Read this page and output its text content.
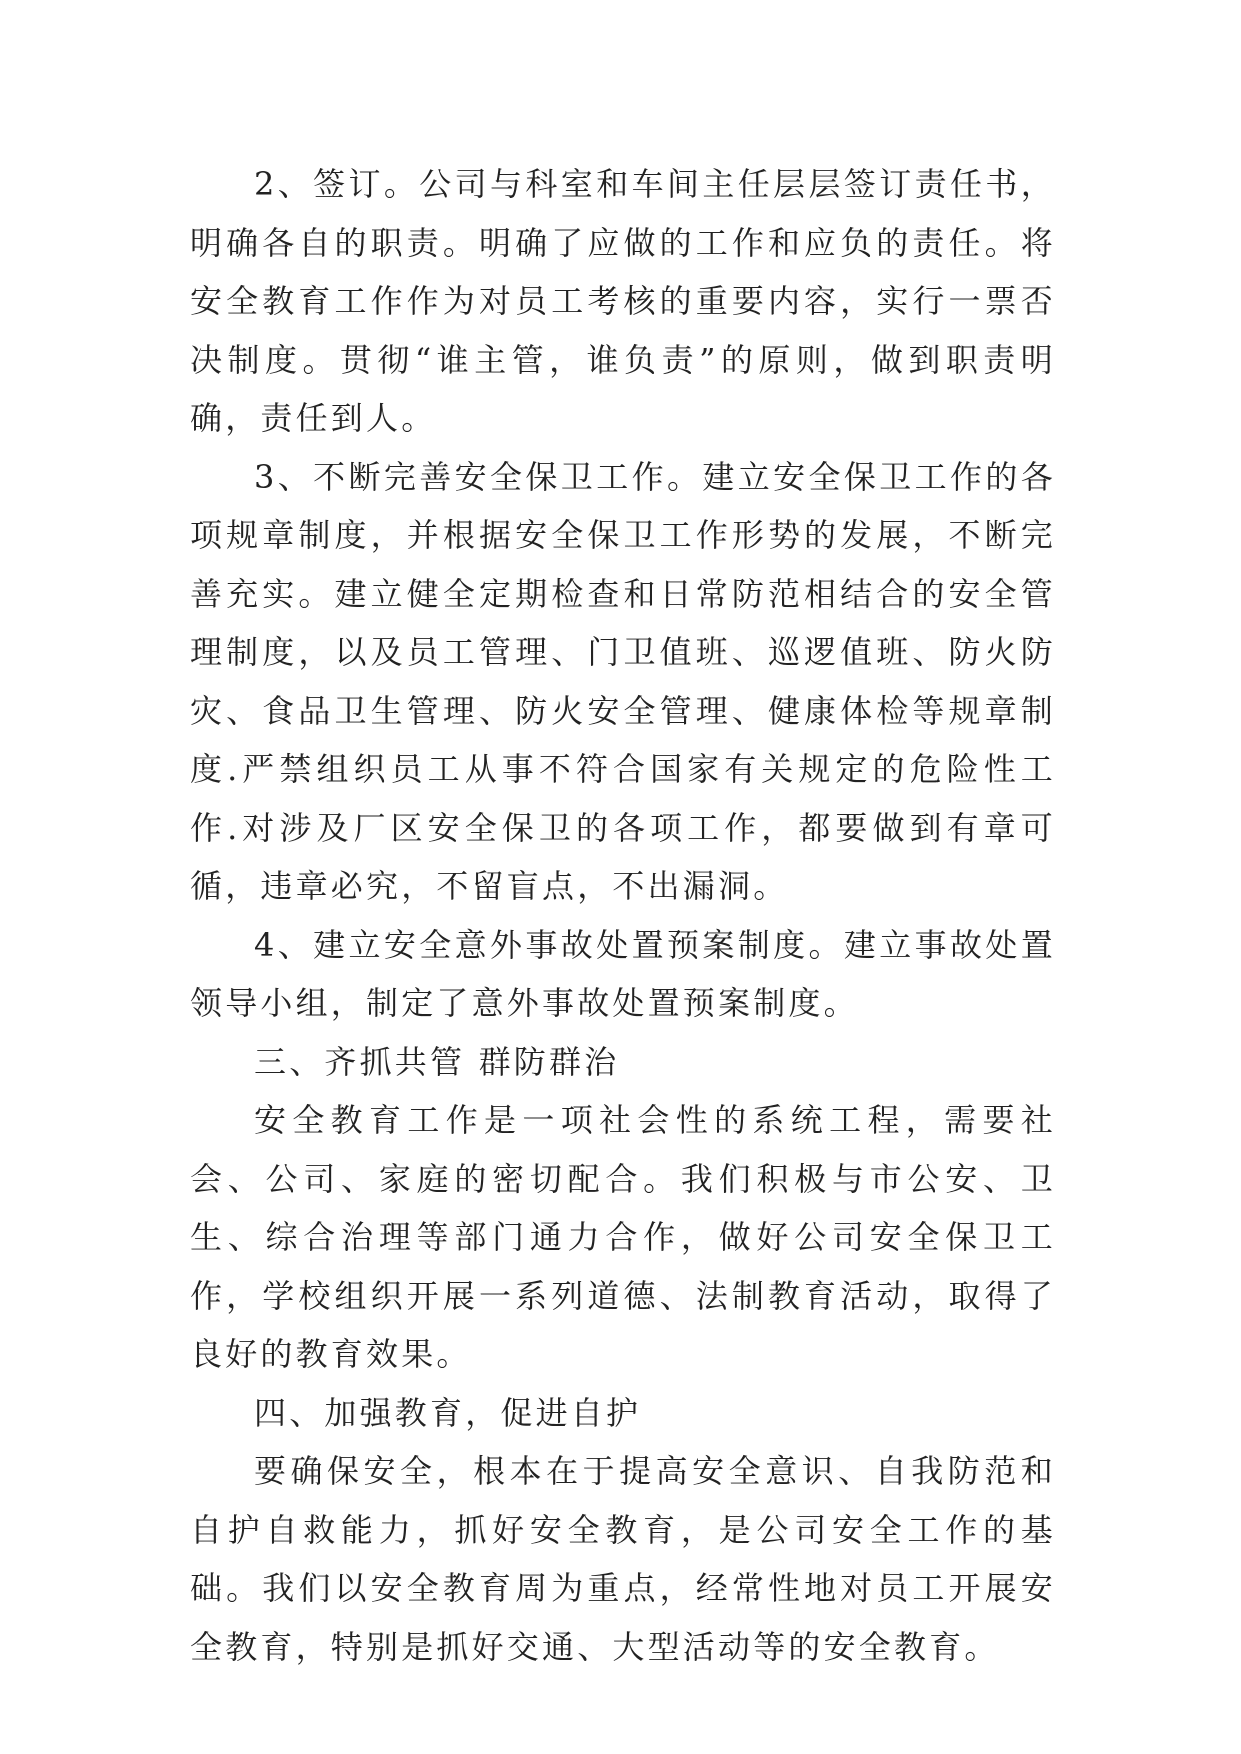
2、签订。公司与科室和车间主任层层签订责任书，明确各自的职责。明确了应做的工作和应负的责任。将安全教育工作作为对员工考核的重要内容，实行一票否决制度。贯彻“谁主管，谁负责”的原则，做到职责明确，责任到人。

3、不断完善安全保卫工作。建立安全保卫工作的各项规章制度，并根据安全保卫工作形势的发展，不断完善充实。建立健全定期检查和日常防范相结合的安全管理制度，以及员工管理、门卫值班、巡逻值班、防火防灾、食品卫生管理、防火安全管理、健康体检等规章制度.严禁组织员工从事不符合国家有关规定的危险性工作.对涉及厂区安全保卫的各项工作，都要做到有章可循，违章必究，不留盲点，不出漏洞。

4、建立安全意外事故处置预案制度。建立事故处置领导小组，制定了意外事故处置预案制度。

三、齐抓共管 群防群治

安全教育工作是一项社会性的系统工程，需要社会、公司、家庭的密切配合。我们积极与市公安、卫生、综合治理等部门通力合作，做好公司安全保卫工作，学校组织开展一系列道德、法制教育活动，取得了良好的教育效果。

四、加强教育，促进自护

要确保安全，根本在于提高安全意识、自我防范和自护自救能力，抓好安全教育，是公司安全工作的基础。我们以安全教育周为重点，经常性地对员工开展安全教育，特别是抓好交通、大型活动等的安全教育。
